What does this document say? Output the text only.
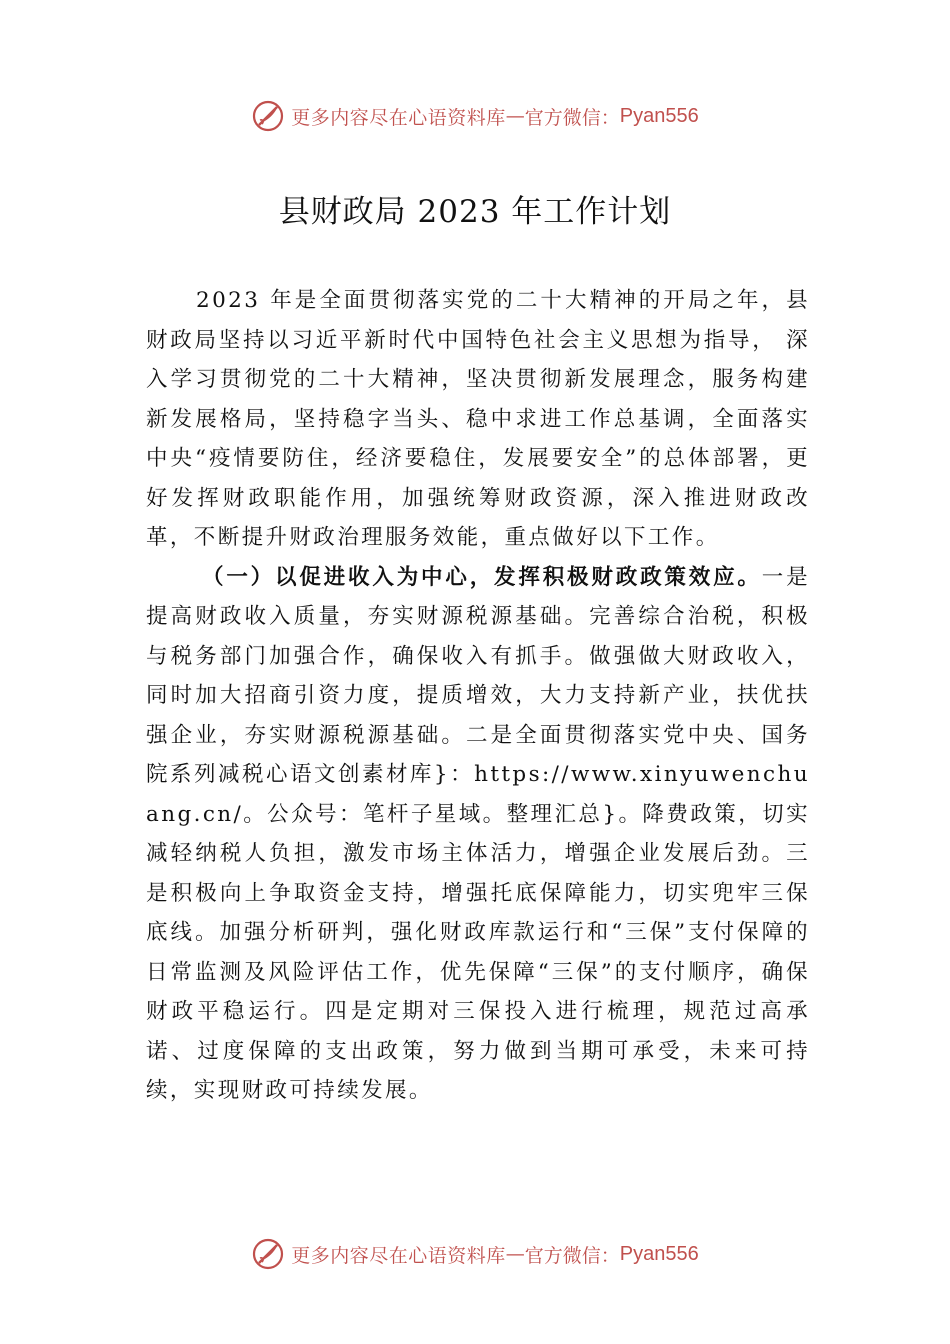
更多内容尽在心语资料库 — 官方微信： Pyan556
县财政局 2023 年工作计划

2023 年是全面贯彻落实党的二十大精神的开局之年，县财政局坚持以习近平新时代中国特色社会主义思想为指导， 深入学习贯彻党的二十大精神，坚决贯彻新发展理念，服务构建新发展格局，坚持稳字当头、稳中求进工作总基调，全面落实中央“疫情要防住，经济要稳住，发展要安全”的总体部署，更好发挥财政职能作用，加强统筹财政资源，深入推进财政改革，不断提升财政治理服务效能，重点做好以下工作。

（一）以促进收入为中心，发挥积极财政政策效应。一是提高财政收入质量，夯实财源税源基础。完善综合治税，积极与税务部门加强合作，确保收入有抓手。做强做大财政收入，同时加大招商引资力度，提质增效，大力支持新产业，扶优扶强企业，夯实财源税源基础。二是全面贯彻落实党中央、国务院系列减税心语文创素材库}：https://www.xinyuwenchuang.cn/。公众号：笔杆子星域。整理汇总}。降费政策，切实减轻纳税人负担，激发市场主体活力，增强企业发展后劲。三是积极向上争取资金支持，增强托底保障能力，切实兜牢三保底线。加强分析研判，强化财政库款运行和“三保”支付保障的日常监测及风险评估工作，优先保障“三保”的支付顺序，确保财政平稳运行。四是定期对三保投入进行梳理，规范过高承诺、过度保障的支出政策，努力做到当期可承受，未来可持续，实现财政可持续发展。

更多内容尽在心语资料库 — 官方微信： Pyan556
